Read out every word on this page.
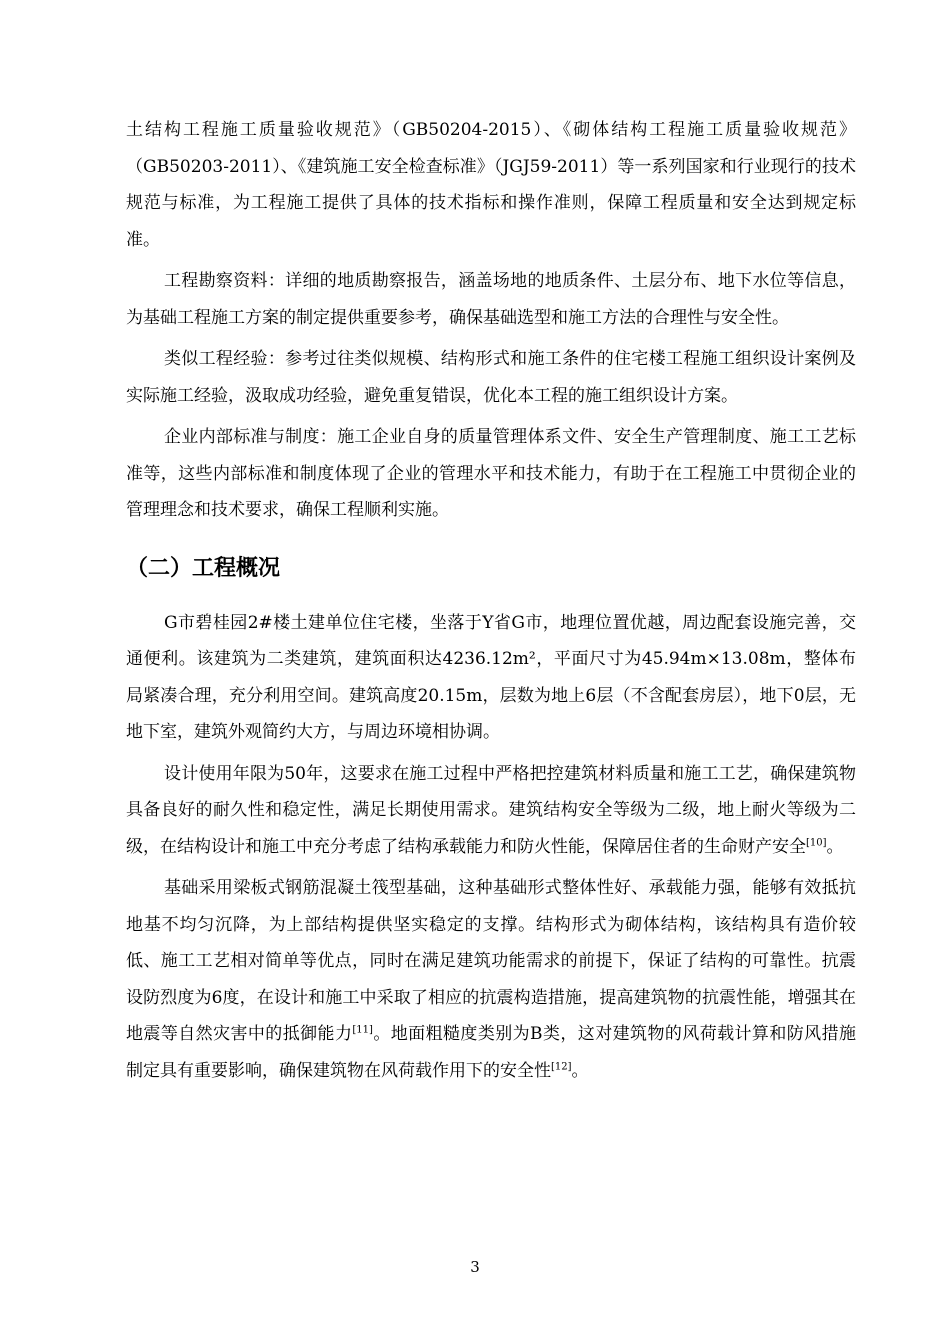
土结构工程施工质量验收规范》（GB50204-2015）、《砌体结构工程施工质量验收规范》（GB50203-2011）、《建筑施工安全检查标准》（JGJ59-2011）等一系列国家和行业现行的技术规范与标准，为工程施工提供了具体的技术指标和操作准则，保障工程质量和安全达到规定标准。

工程勘察资料：详细的地质勘察报告，涵盖场地的地质条件、土层分布、地下水位等信息，为基础工程施工方案的制定提供重要参考，确保基础选型和施工方法的合理性与安全性。

类似工程经验：参考过往类似规模、结构形式和施工条件的住宅楼工程施工组织设计案例及实际施工经验，汲取成功经验，避免重复错误，优化本工程的施工组织设计方案。

企业内部标准与制度：施工企业自身的质量管理体系文件、安全生产管理制度、施工工艺标准等，这些内部标准和制度体现了企业的管理水平和技术能力，有助于在工程施工中贯彻企业的管理理念和技术要求，确保工程顺利实施。

（二）工程概况

G市碧桂园2#楼土建单位住宅楼，坐落于Y省G市，地理位置优越，周边配套设施完善，交通便利。该建筑为二类建筑，建筑面积达4236.12m²，平面尺寸为45.94m×13.08m，整体布局紧凑合理，充分利用空间。建筑高度20.15m，层数为地上6层（不含配套房层），地下0层，无地下室，建筑外观简约大方，与周边环境相协调。

设计使用年限为50年，这要求在施工过程中严格把控建筑材料质量和施工工艺，确保建筑物具备良好的耐久性和稳定性，满足长期使用需求。建筑结构安全等级为二级，地上耐火等级为二级，在结构设计和施工中充分考虑了结构承载能力和防火性能，保障居住者的生命财产安全[10]。

基础采用梁板式钢筋混凝土筏型基础，这种基础形式整体性好、承载能力强，能够有效抵抗地基不均匀沉降，为上部结构提供坚实稳定的支撑。结构形式为砌体结构，该结构具有造价较低、施工工艺相对简单等优点，同时在满足建筑功能需求的前提下，保证了结构的可靠性。抗震设防烈度为6度，在设计和施工中采取了相应的抗震构造措施，提高建筑物的抗震性能，增强其在地震等自然灾害中的抵御能力[11]。地面粗糙度类别为B类，这对建筑物的风荷载计算和防风措施制定具有重要影响，确保建筑物在风荷载作用下的安全性[12]。

3
